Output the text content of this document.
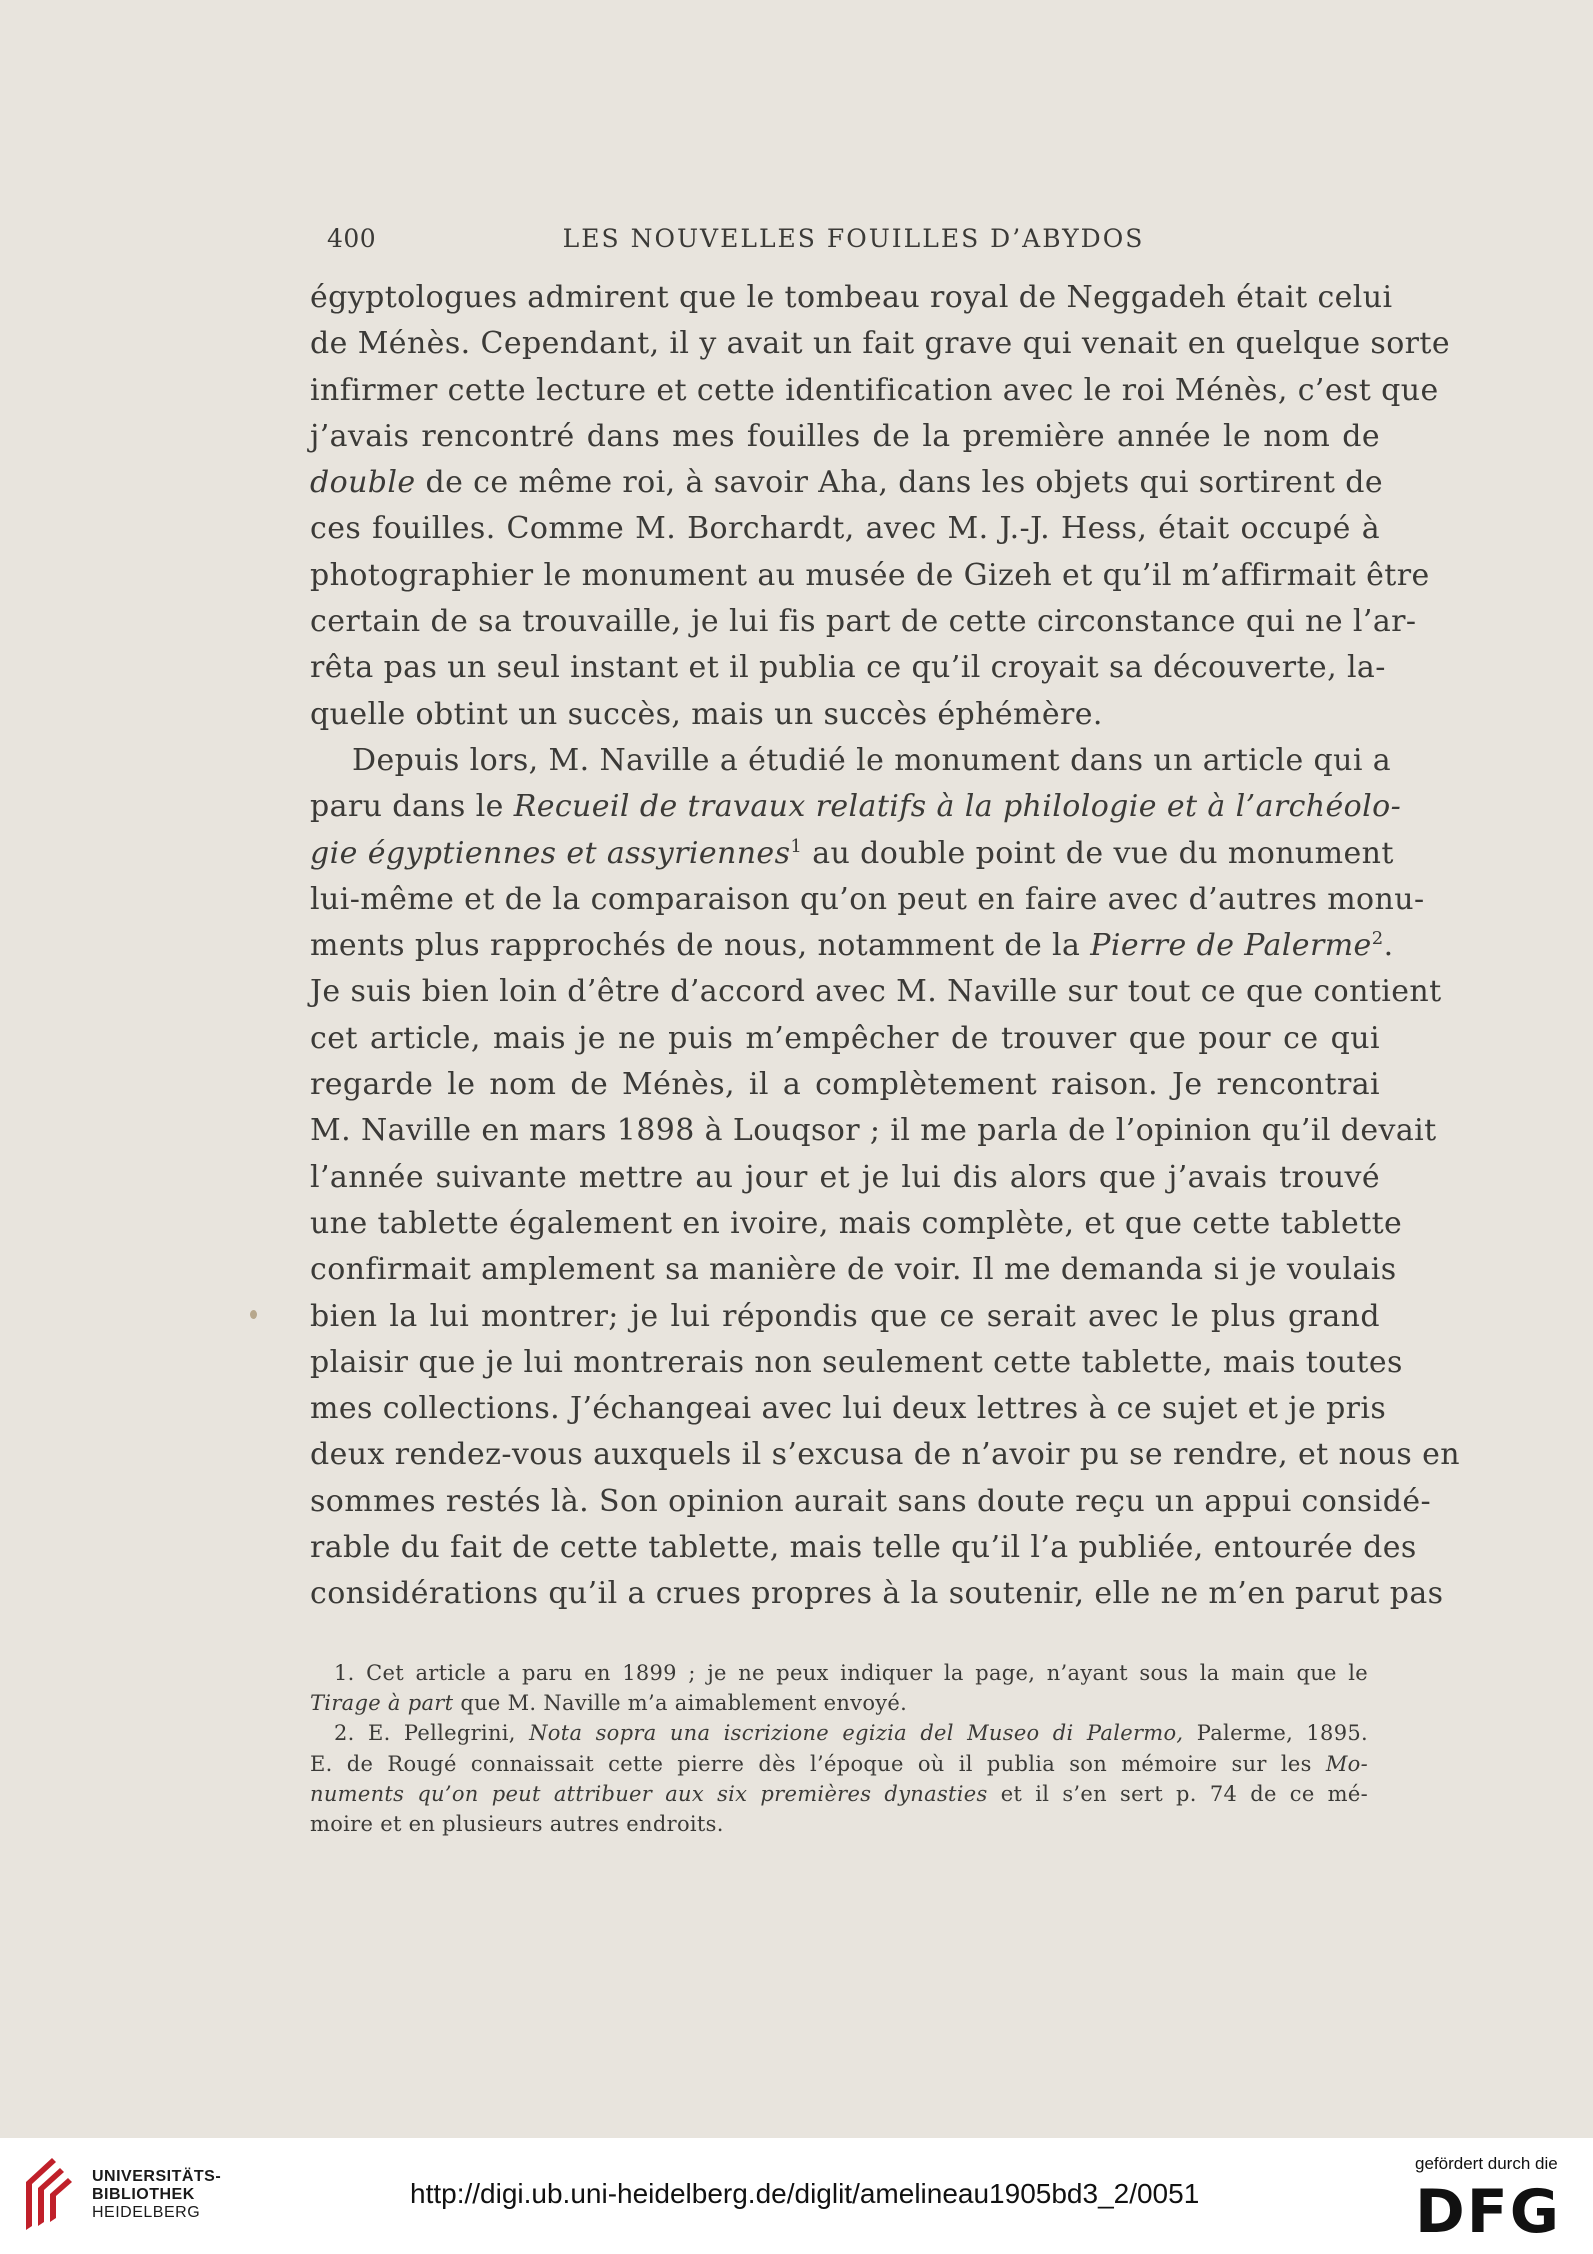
400	LES NOUVELLES FOUILLES D’ABYDOS
égyptologues admirent que le tombeau royal de Neggadeh était celui
de Ménès. Cependant, il y avait un fait grave qui venait en quelque sorte
infirmer cette lecture et cette identification avec le roi Ménès, c’est que
j’avais rencontré dans mes fouilles de la première année le nom de
double de ce même roi, à savoir Aha, dans les objets qui sortirent de
ces fouilles. Comme M. Borchardt, avec M. J.-J. Hess, était occupé à
photographier le monument au musée de Gizeh et qu’il m’affirmait être
certain de sa trouvaille, je lui fis part de cette circonstance qui ne l’ar-
rêta pas un seul instant et il publia ce qu’il croyait sa découverte, la-
quelle obtint un succès, mais un succès éphémère.
Depuis lors, M. Naville a étudié le monument dans un article qui a
paru dans le Recueil de travaux relatifs à la philologie et à l’archéolo-
gie égyptiennes et assyriennes$^1$ au double point de vue du monument
lui-même et de la comparaison qu’on peut en faire avec d’autres monu-
ments plus rapprochés de nous, notamment de la Pierre de Palerme$^2$.
Je suis bien loin d’être d’accord avec M. Naville sur tout ce que contient
cet article, mais je ne puis m’empêcher de trouver que pour ce qui
regarde le nom de Ménès, il a complètement raison. Je rencontrai
M. Naville en mars 1898 à Louqsor ; il me parla de l’opinion qu’il devait
l’année suivante mettre au jour et je lui dis alors que j’avais trouvé
une tablette également en ivoire, mais complète, et que cette tablette
confirmait amplement sa manière de voir. Il me demanda si je voulais
bien la lui montrer; je lui répondis que ce serait avec le plus grand
plaisir que je lui montrerais non seulement cette tablette, mais toutes
mes collections. J’échangeai avec lui deux lettres à ce sujet et je pris
deux rendez-vous auxquels il s’excusa de n’avoir pu se rendre, et nous en
sommes restés là. Son opinion aurait sans doute reçu un appui considé-
rable du fait de cette tablette, mais telle qu’il l’a publiée, entourée des
considérations qu’il a crues propres à la soutenir, elle ne m’en parut pas
1. Cet article a paru en 1899 ; je ne peux indiquer la page, n’ayant sous la main que le
Tirage à part que M. Naville m’a aimablement envoyé.
2. E. Pellegrini, Nota sopra una iscrizione egizia del Museo di Palermo, Palerme, 1895.
E. de Rougé connaissait cette pierre dès l’époque où il publia son mémoire sur les Mo-
numents qu’on peut attribuer aux six premières dynasties et il s’en sert p. 74 de ce mé-
moire et en plusieurs autres endroits.
UNIVERSITÄTS-
BIBLIOTHEK
HEIDELBERG
http://digi.ub.uni-heidelberg.de/diglit/amelineau1905bd3_2/0051
gefördert durch die
DFG
